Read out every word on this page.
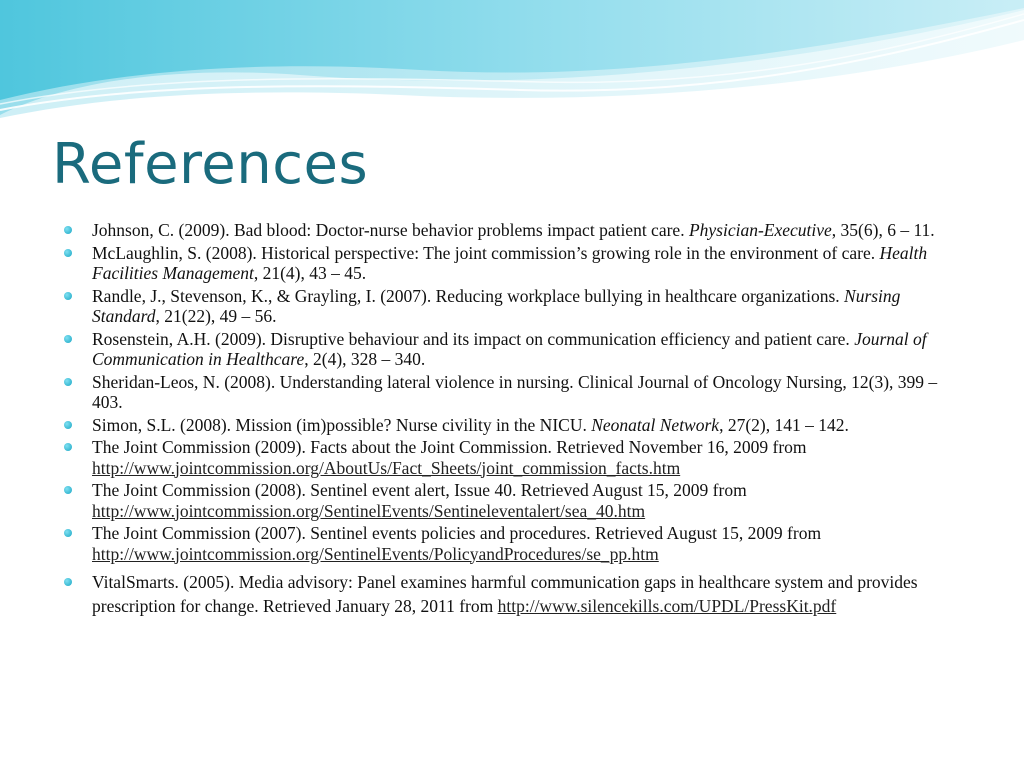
References
Johnson, C. (2009). Bad blood: Doctor-nurse behavior problems impact patient care. Physician-Executive, 35(6), 6 – 11.
McLaughlin, S. (2008). Historical perspective: The joint commission’s growing role in the environment of care. Health Facilities Management, 21(4), 43 – 45.
Randle, J., Stevenson, K., & Grayling, I. (2007). Reducing workplace bullying in healthcare organizations. Nursing Standard, 21(22), 49 – 56.
Rosenstein, A.H. (2009). Disruptive behaviour and its impact on communication efficiency and patient care. Journal of Communication in Healthcare, 2(4), 328 – 340.
Sheridan-Leos, N. (2008). Understanding lateral violence in nursing. Clinical Journal of Oncology Nursing, 12(3), 399 – 403.
Simon, S.L. (2008). Mission (im)possible? Nurse civility in the NICU. Neonatal Network, 27(2), 141 – 142.
The Joint Commission (2009). Facts about the Joint Commission. Retrieved November 16, 2009 from http://www.jointcommission.org/AboutUs/Fact_Sheets/joint_commission_facts.htm
The Joint Commission (2008). Sentinel event alert, Issue 40. Retrieved August 15, 2009 from http://www.jointcommission.org/SentinelEvents/Sentineleventalert/sea_40.htm
The Joint Commission (2007). Sentinel events policies and procedures. Retrieved August 15, 2009 from http://www.jointcommission.org/SentinelEvents/PolicyandProcedures/se_pp.htm
VitalSmarts. (2005). Media advisory: Panel examines harmful communication gaps in healthcare system and provides prescription for change. Retrieved January 28, 2011 from http://www.silencekills.com/UPDL/PressKit.pdf
